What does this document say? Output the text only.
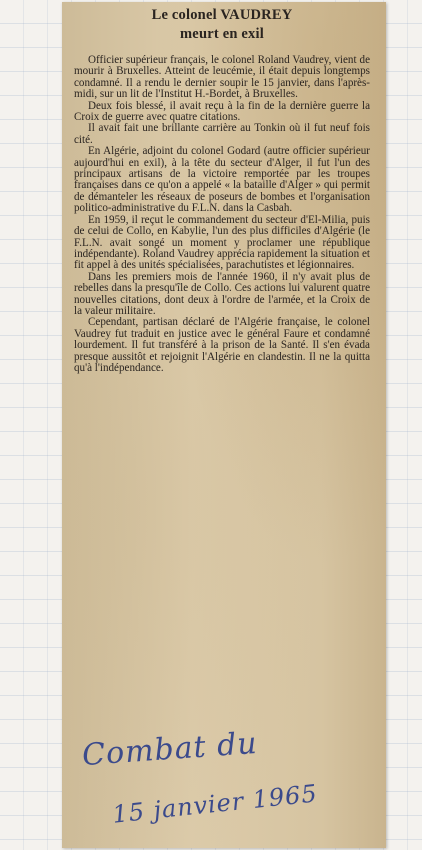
Le colonel VAUDREY
meurt en exil

Officier supérieur français, le colonel Roland Vaudrey, vient de mourir à Bruxelles. Atteint de leucémie, il était depuis longtemps condamné. Il a rendu le dernier soupir le 15 janvier, dans l'après-midi, sur un lit de l'Institut H.-Bordet, à Bruxelles.

Deux fois blessé, il avait reçu à la fin de la dernière guerre la Croix de guerre avec quatre citations.

Il avait fait une brillante carrière au Tonkin où il fut neuf fois cité.

En Algérie, adjoint du colonel Godard (autre officier supérieur aujourd'hui en exil), à la tête du secteur d'Alger, il fut l'un des principaux artisans de la victoire remportée par les troupes françaises dans ce qu'on a appelé « la bataille d'Alger » qui permit de démanteler les réseaux de poseurs de bombes et l'organisation politico-administrative du F.L.N. dans la Casbah.

En 1959, il reçut le commandement du secteur d'El-Milia, puis de celui de Collo, en Kabylie, l'un des plus difficiles d'Algérie (le F.L.N. avait songé un moment y proclamer une république indépendante). Roland Vaudrey apprécia rapidement la situation et fit appel à des unités spécialisées, parachutistes et légionnaires.

Dans les premiers mois de l'année 1960, il n'y avait plus de rebelles dans la presqu'île de Collo. Ces actions lui valurent quatre nouvelles citations, dont deux à l'ordre de l'armée, et la Croix de la valeur militaire.

Cependant, partisan déclaré de l'Algérie française, le colonel Vaudrey fut traduit en justice avec le général Faure et condamné lourdement. Il fut transféré à la prison de la Santé. Il s'en évada presque aussitôt et rejoignit l'Algérie en clandestin. Il ne la quitta qu'à l'indépendance.

Combat du
15 janvier 1965
